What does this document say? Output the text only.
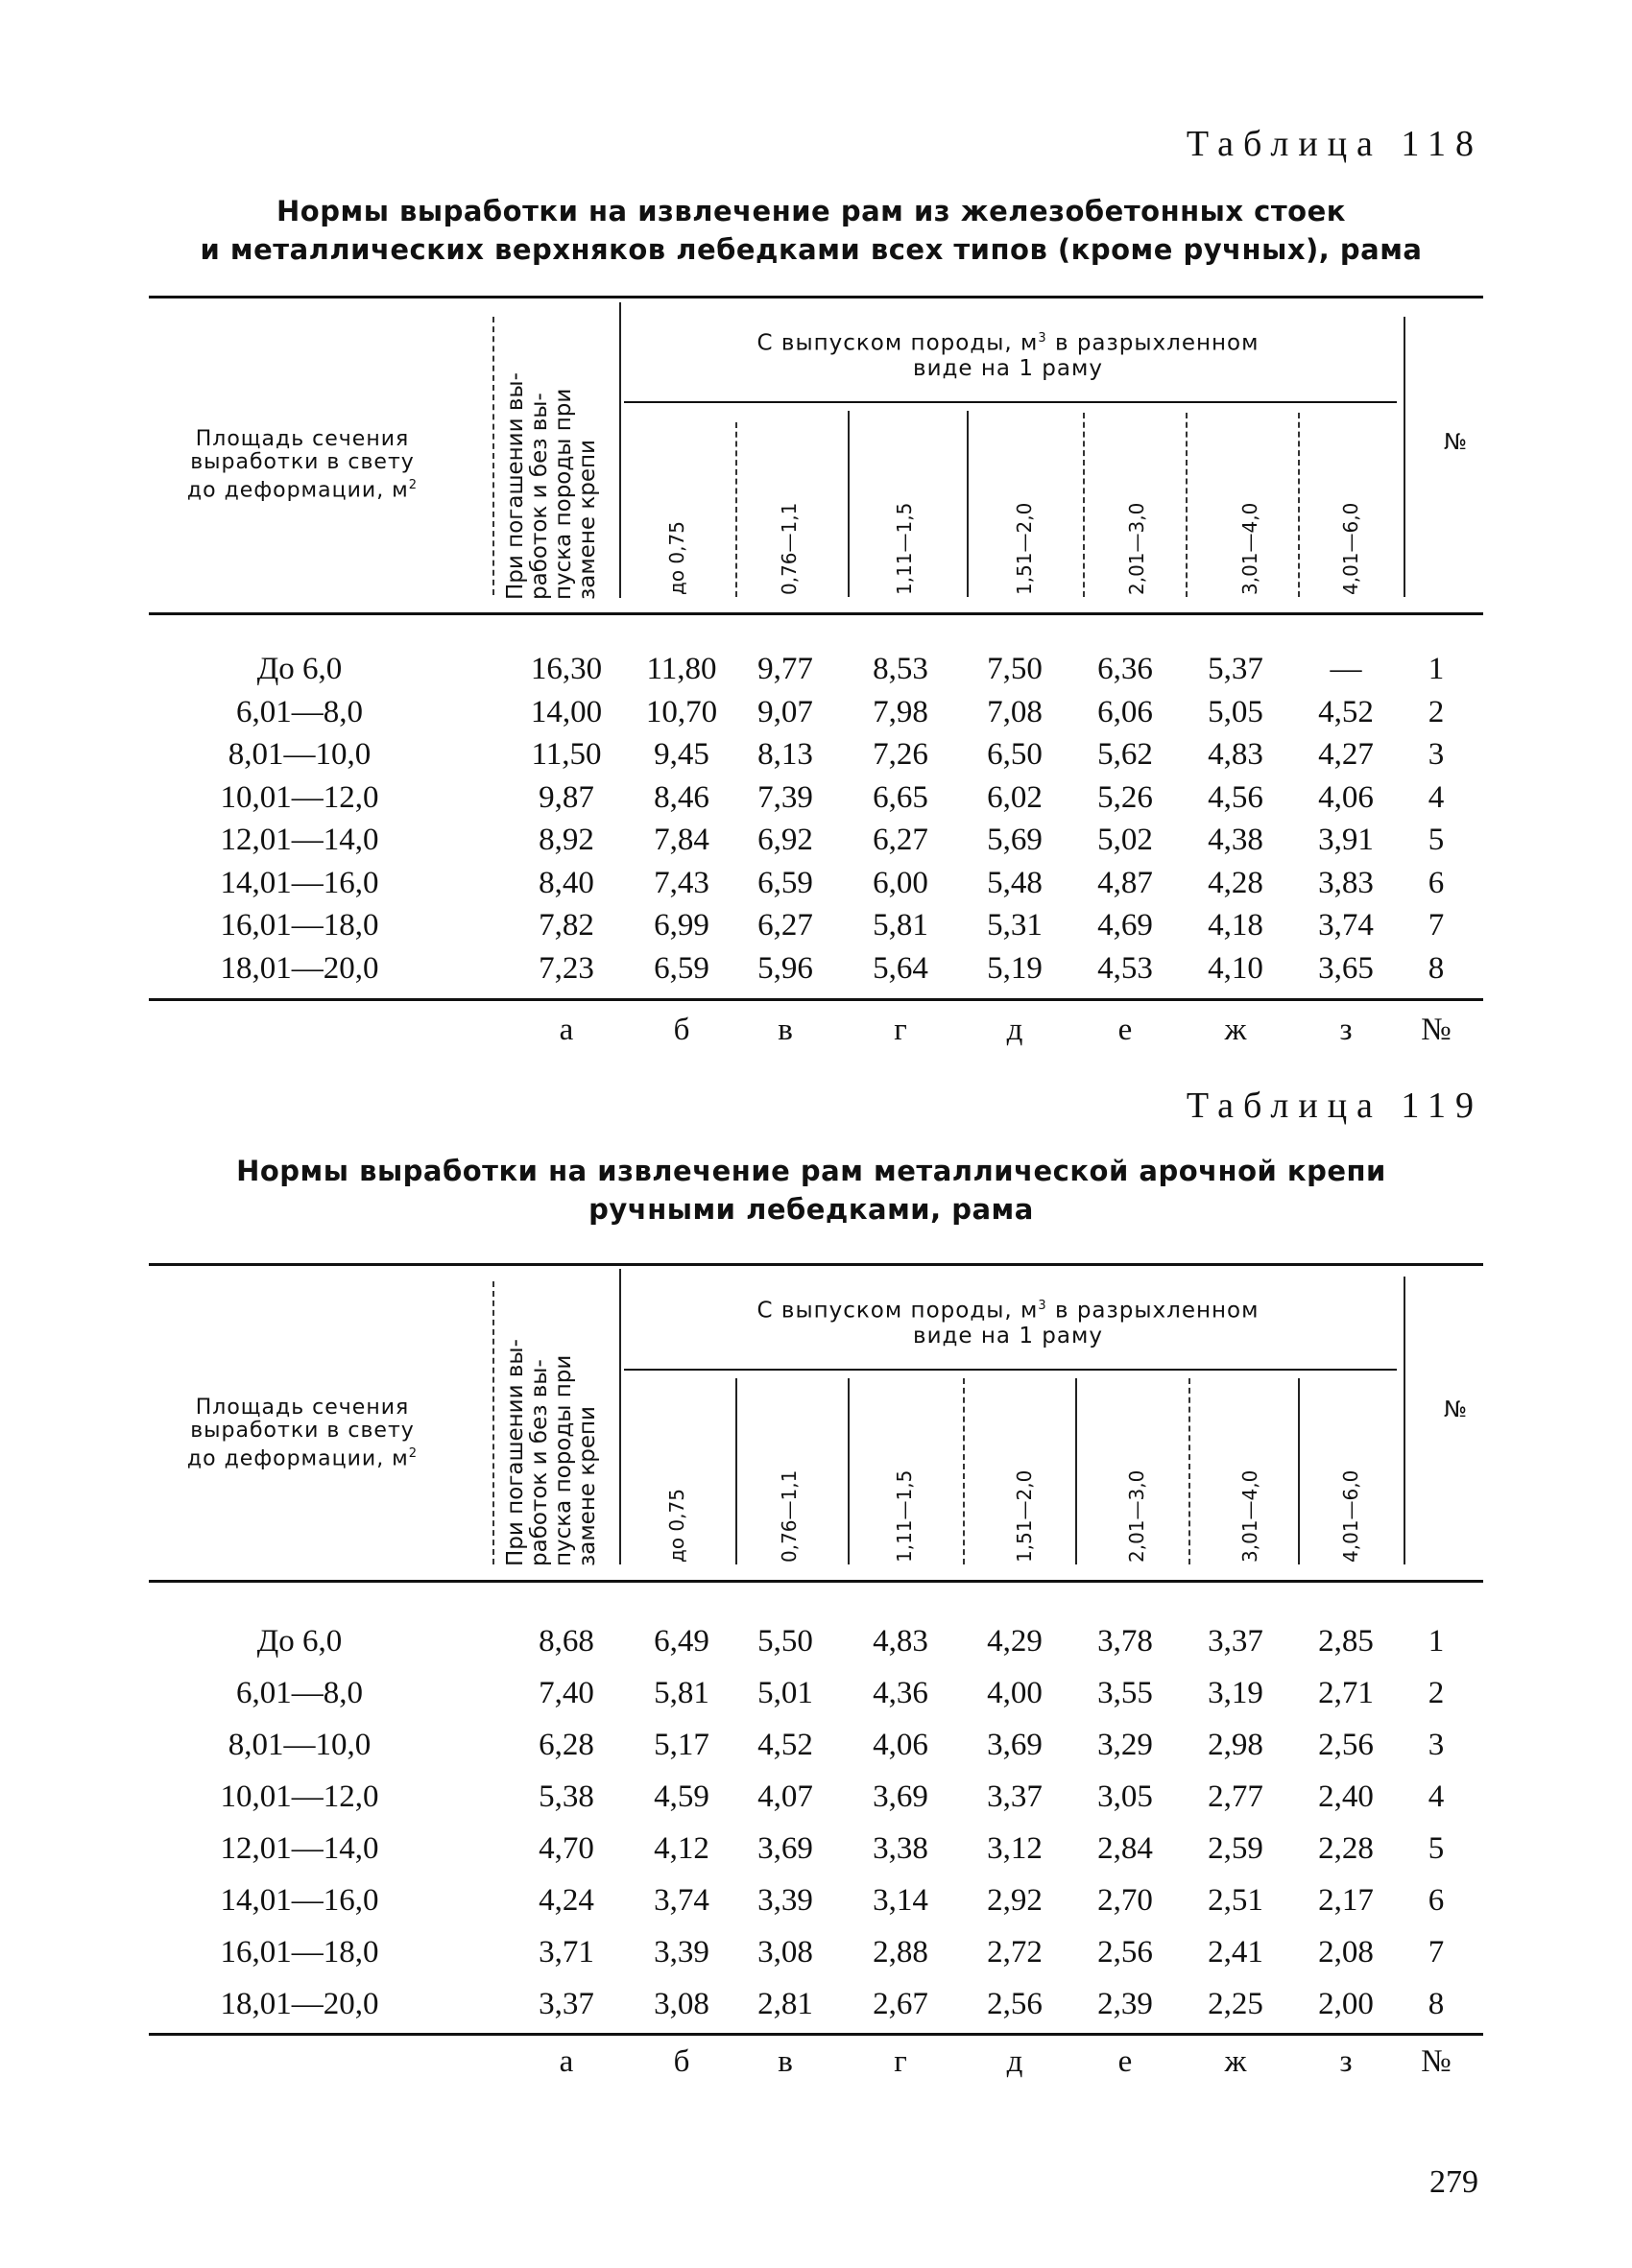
Таблица 118
Нормы выработки на извлечение рам из железобетонных стоек
и металлических верхняков лебедками всех типов (кроме ручных), рама
Площадь сечения
выработки в свету
до деформации, $м^2$	При погашении вы- работок и без вы- пуска породы при замене крепи
С выпуском породы, $м^3$ в разрыхленном
виде на 1 раму
до 0,75	0,76—1,1	1,11—1,5	1,51—2,0	2,01—3,0	3,01—4,0	4,01—6,0
№
До 6,0	16,30	11,80	9,77	8,53	7,50	6,36	5,37	—	1
6,01—8,0	14,00	10,70	9,07	7,98	7,08	6,06	5,05	4,52	2
8,01—10,0	11,50	9,45	8,13	7,26	6,50	5,62	4,83	4,27	3
10,01—12,0	9,87	8,46	7,39	6,65	6,02	5,26	4,56	4,06	4
12,01—14,0	8,92	7,84	6,92	6,27	5,69	5,02	4,38	3,91	5
14,01—16,0	8,40	7,43	6,59	6,00	5,48	4,87	4,28	3,83	6
16,01—18,0	7,82	6,99	6,27	5,81	5,31	4,69	4,18	3,74	7
18,01—20,0	7,23	6,59	5,96	5,64	5,19	4,53	4,10	3,65	8
а	б	в	г	д	е	ж	з	№
Таблица 119
Нормы выработки на извлечение рам металлической арочной крепи
ручными лебедками, рама
Площадь сечения
выработки в свету
до деформации, $м^2$	При погашении вы- работок и без вы- пуска породы при замене крепи
С выпуском породы, $м^3$ в разрыхленном
виде на 1 раму
до 0,75	0,76—1,1	1,11—1,5	1,51—2,0	2,01—3,0	3,01—4,0	4,01—6,0
№
До 6,0	8,68	6,49	5,50	4,83	4,29	3,78	3,37	2,85	1
6,01—8,0	7,40	5,81	5,01	4,36	4,00	3,55	3,19	2,71	2
8,01—10,0	6,28	5,17	4,52	4,06	3,69	3,29	2,98	2,56	3
10,01—12,0	5,38	4,59	4,07	3,69	3,37	3,05	2,77	2,40	4
12,01—14,0	4,70	4,12	3,69	3,38	3,12	2,84	2,59	2,28	5
14,01—16,0	4,24	3,74	3,39	3,14	2,92	2,70	2,51	2,17	6
16,01—18,0	3,71	3,39	3,08	2,88	2,72	2,56	2,41	2,08	7
18,01—20,0	3,37	3,08	2,81	2,67	2,56	2,39	2,25	2,00	8
а	б	в	г	д	е	ж	з	№
279
